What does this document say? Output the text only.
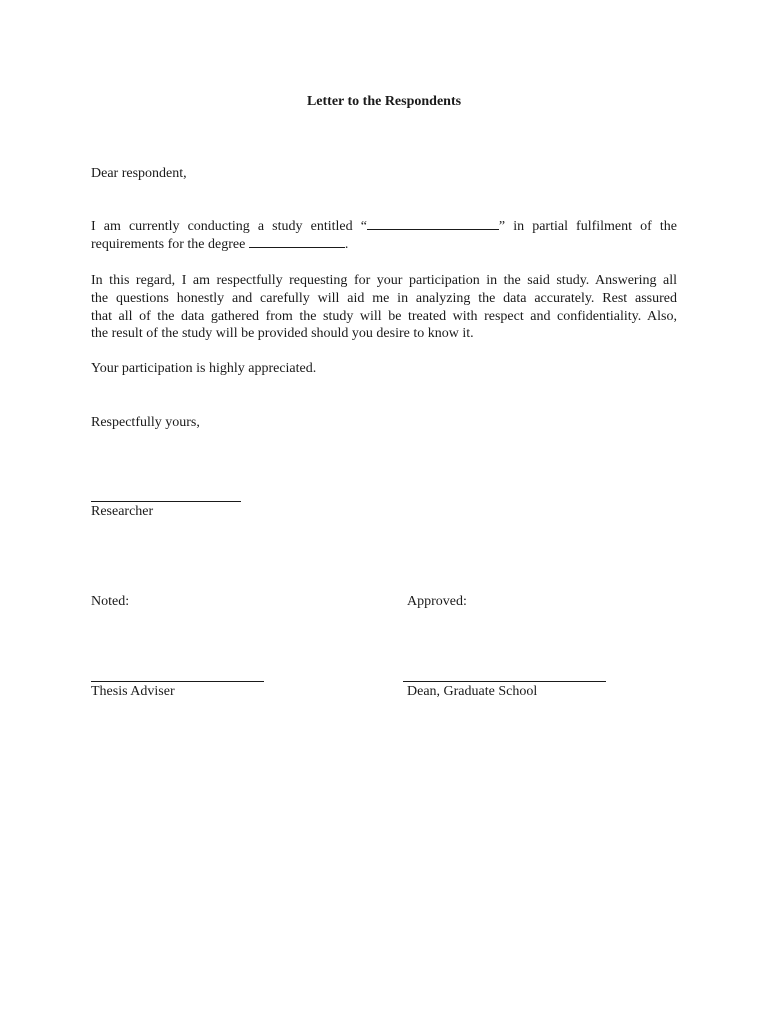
Letter to the Respondents
Dear respondent,
I am currently conducting a study entitled “	” in partial fulfilment of the
requirements for the degree	.
In this regard, I am respectfully requesting for your participation in the said study. Answering all
the questions honestly and carefully will aid me in analyzing the data accurately. Rest assured
that all of the data gathered from the study will be treated with respect and confidentiality. Also,
the result of the study will be provided should you desire to know it.
Your participation is highly appreciated.
Respectfully yours,
Researcher
Noted:	Approved:
Thesis Adviser	Dean, Graduate School
